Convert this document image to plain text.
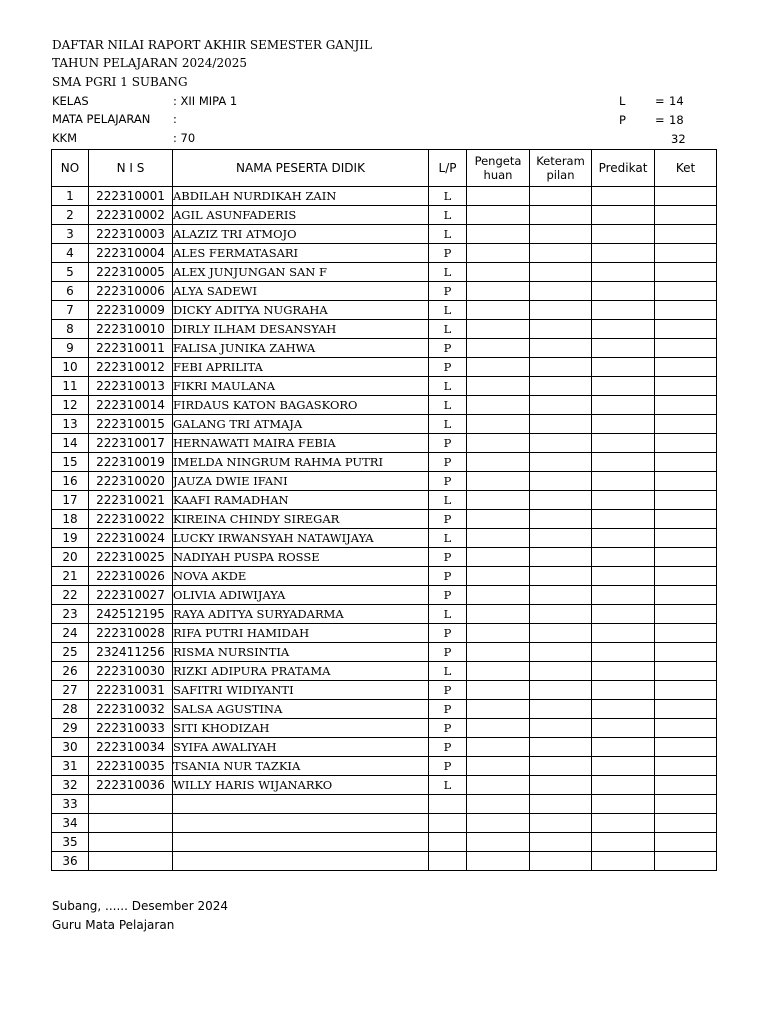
DAFTAR NILAI RAPORT AKHIR SEMESTER GANJIL
TAHUN PELAJARAN 2024/2025
SMA PGRI 1 SUBANG
KELAS	: XII MIPA 1
MATA PELAJARAN :
KKM	: 70
L	= 14
P	= 18
32
NO	N I S	NAMA PESERTA DIDIK	L/P	Pengeta
huan	Keteram
pilan	Predikat	Ket
1	222310001	ABDILAH NURDIKAH ZAIN	L				
2	222310002	AGIL ASUNFADERIS	L				
3	222310003	ALAZIZ TRI ATMOJO	L				
4	222310004	ALES FERMATASARI	P				
5	222310005	ALEX JUNJUNGAN SAN F	L				
6	222310006	ALYA SADEWI	P				
7	222310009	DICKY ADITYA NUGRAHA	L				
8	222310010	DIRLY ILHAM DESANSYAH	L				
9	222310011	FALISA JUNIKA ZAHWA	P				
10	222310012	FEBI APRILITA	P				
11	222310013	FIKRI MAULANA	L				
12	222310014	FIRDAUS KATON BAGASKORO	L				
13	222310015	GALANG TRI ATMAJA	L				
14	222310017	HERNAWATI MAIRA FEBIA	P				
15	222310019	IMELDA NINGRUM RAHMA PUTRI	P				
16	222310020	JAUZA DWIE IFANI	P				
17	222310021	KAAFI RAMADHAN	L				
18	222310022	KIREINA CHINDY SIREGAR	P				
19	222310024	LUCKY IRWANSYAH NATAWIJAYA	L				
20	222310025	NADIYAH PUSPA ROSSE	P				
21	222310026	NOVA AKDE	P				
22	222310027	OLIVIA ADIWIJAYA	P				
23	242512195	RAYA ADITYA SURYADARMA	L				
24	222310028	RIFA PUTRI HAMIDAH	P				
25	232411256	RISMA NURSINTIA	P				
26	222310030	RIZKI ADIPURA PRATAMA	L				
27	222310031	SAFITRI WIDIYANTI	P				
28	222310032	SALSA AGUSTINA	P				
29	222310033	SITI KHODIZAH	P				
30	222310034	SYIFA AWALIYAH	P				
31	222310035	TSANIA NUR TAZKIA	P				
32	222310036	WILLY HARIS WIJANARKO	L				
33							
34							
35							
36							
Subang, ...... Desember 2024
Guru Mata Pelajaran
